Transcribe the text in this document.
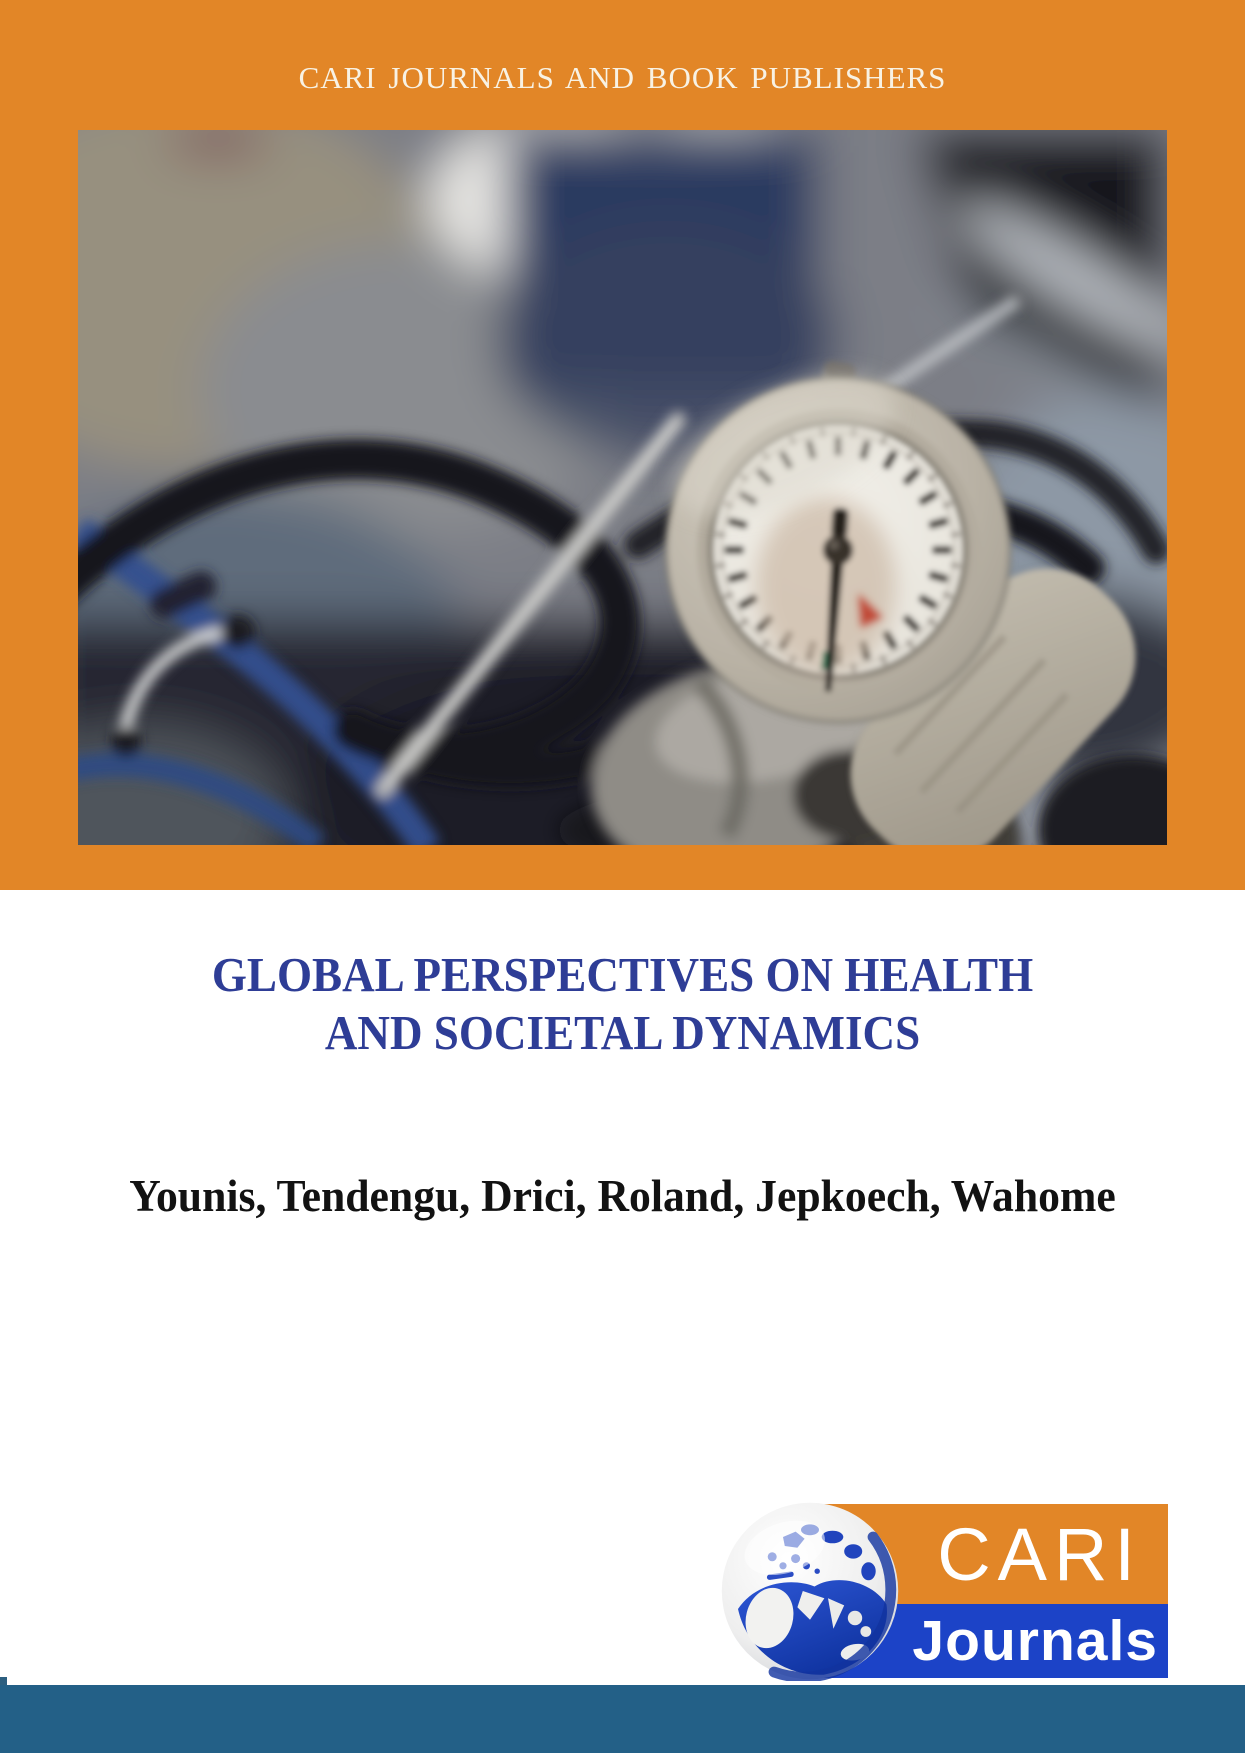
CARI JOURNALS AND BOOK PUBLISHERS
GLOBAL PERSPECTIVES ON HEALTH
AND SOCIETAL DYNAMICS
Younis, Tendengu, Drici, Roland, Jepkoech, Wahome
CARI
Journals
